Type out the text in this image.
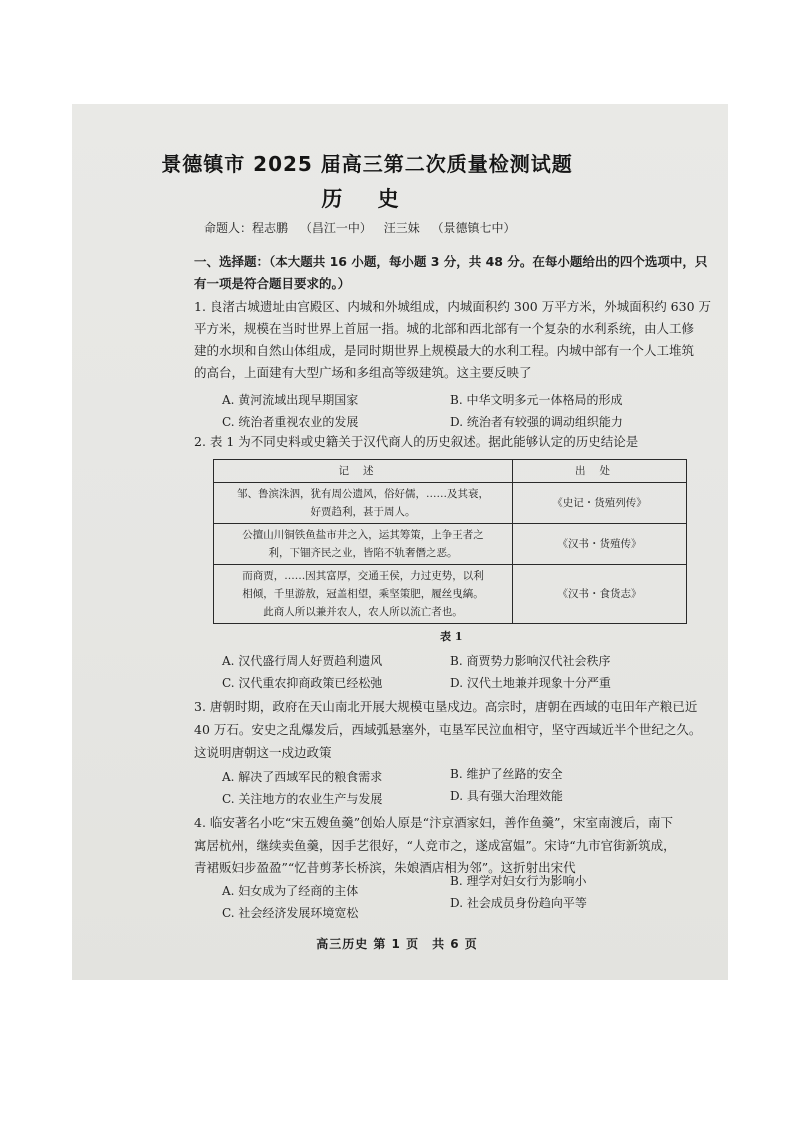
景德镇市 2025 届高三第二次质量检测试题
历 史
命题人：程志鹏 （昌江一中） 汪三妹 （景德镇七中）
一、选择题：（本大题共 16 小题，每小题 3 分，共 48 分。在每小题给出的四个选项中，只
有一项是符合题目要求的。）
1. 良渚古城遗址由宫殿区、内城和外城组成，内城面积约 300 万平方米，外城面积约 630 万
平方米，规模在当时世界上首屈一指。城的北部和西北部有一个复杂的水利系统，由人工修
建的水坝和自然山体组成，是同时期世界上规模最大的水利工程。内城中部有一个人工堆筑
的高台，上面建有大型广场和多组高等级建筑。这主要反映了
A. 黄河流域出现早期国家	B. 中华文明多元一体格局的形成
C. 统治者重视农业的发展	D. 统治者有较强的调动组织能力
2. 表 1 为不同史料或史籍关于汉代商人的历史叙述。据此能够认定的历史结论是
记述	出处

邹、鲁滨洙泗，犹有周公遗风，俗好儒，……及其衰，
好贾趋利，甚于周人。	《史记・货殖列传》

公擅山川铜铁鱼盐市井之入，运其筹策，上争王者之
利，下锢齐民之业，皆陷不轨奢僭之恶。	《汉书・货殖传》

而商贾，……因其富厚，交通王侯，力过吏势，以利
相倾，千里游敖，冠盖相望，乘坚策肥，履丝曳縞。
此商人所以兼并农人，农人所以流亡者也。	《汉书・食货志》
表 1
A. 汉代盛行周人好贾趋利遗风	B. 商贾势力影响汉代社会秩序
C. 汉代重农抑商政策已经松弛	D. 汉代土地兼并现象十分严重
3. 唐朝时期，政府在天山南北开展大规模屯垦戍边。高宗时，唐朝在西域的屯田年产粮已近
40 万石。安史之乱爆发后，西域弧悬塞外，屯垦军民泣血相守，坚守西域近半个世纪之久。
这说明唐朝这一戍边政策
A. 解决了西域军民的粮食需求	B. 维护了丝路的安全
C. 关注地方的农业生产与发展	D. 具有强大治理效能
4. 临安著名小吃“宋五嫂鱼羹”创始人原是“汴京酒家妇，善作鱼羹”，宋室南渡后，南下
寓居杭州，继续卖鱼羹，因手艺很好，“人竞市之，遂成富媪”。宋诗“九市官街新筑成，
青裙贩妇步盈盈”“忆昔剪茅长桥滨，朱娘酒店相为邻”。这折射出宋代
A. 妇女成为了经商的主体
B. 理学对妇女行为影响小
C. 社会经济发展环境宽松
D. 社会成员身份趋向平等
高三历史 第 1 页　共 6 页
